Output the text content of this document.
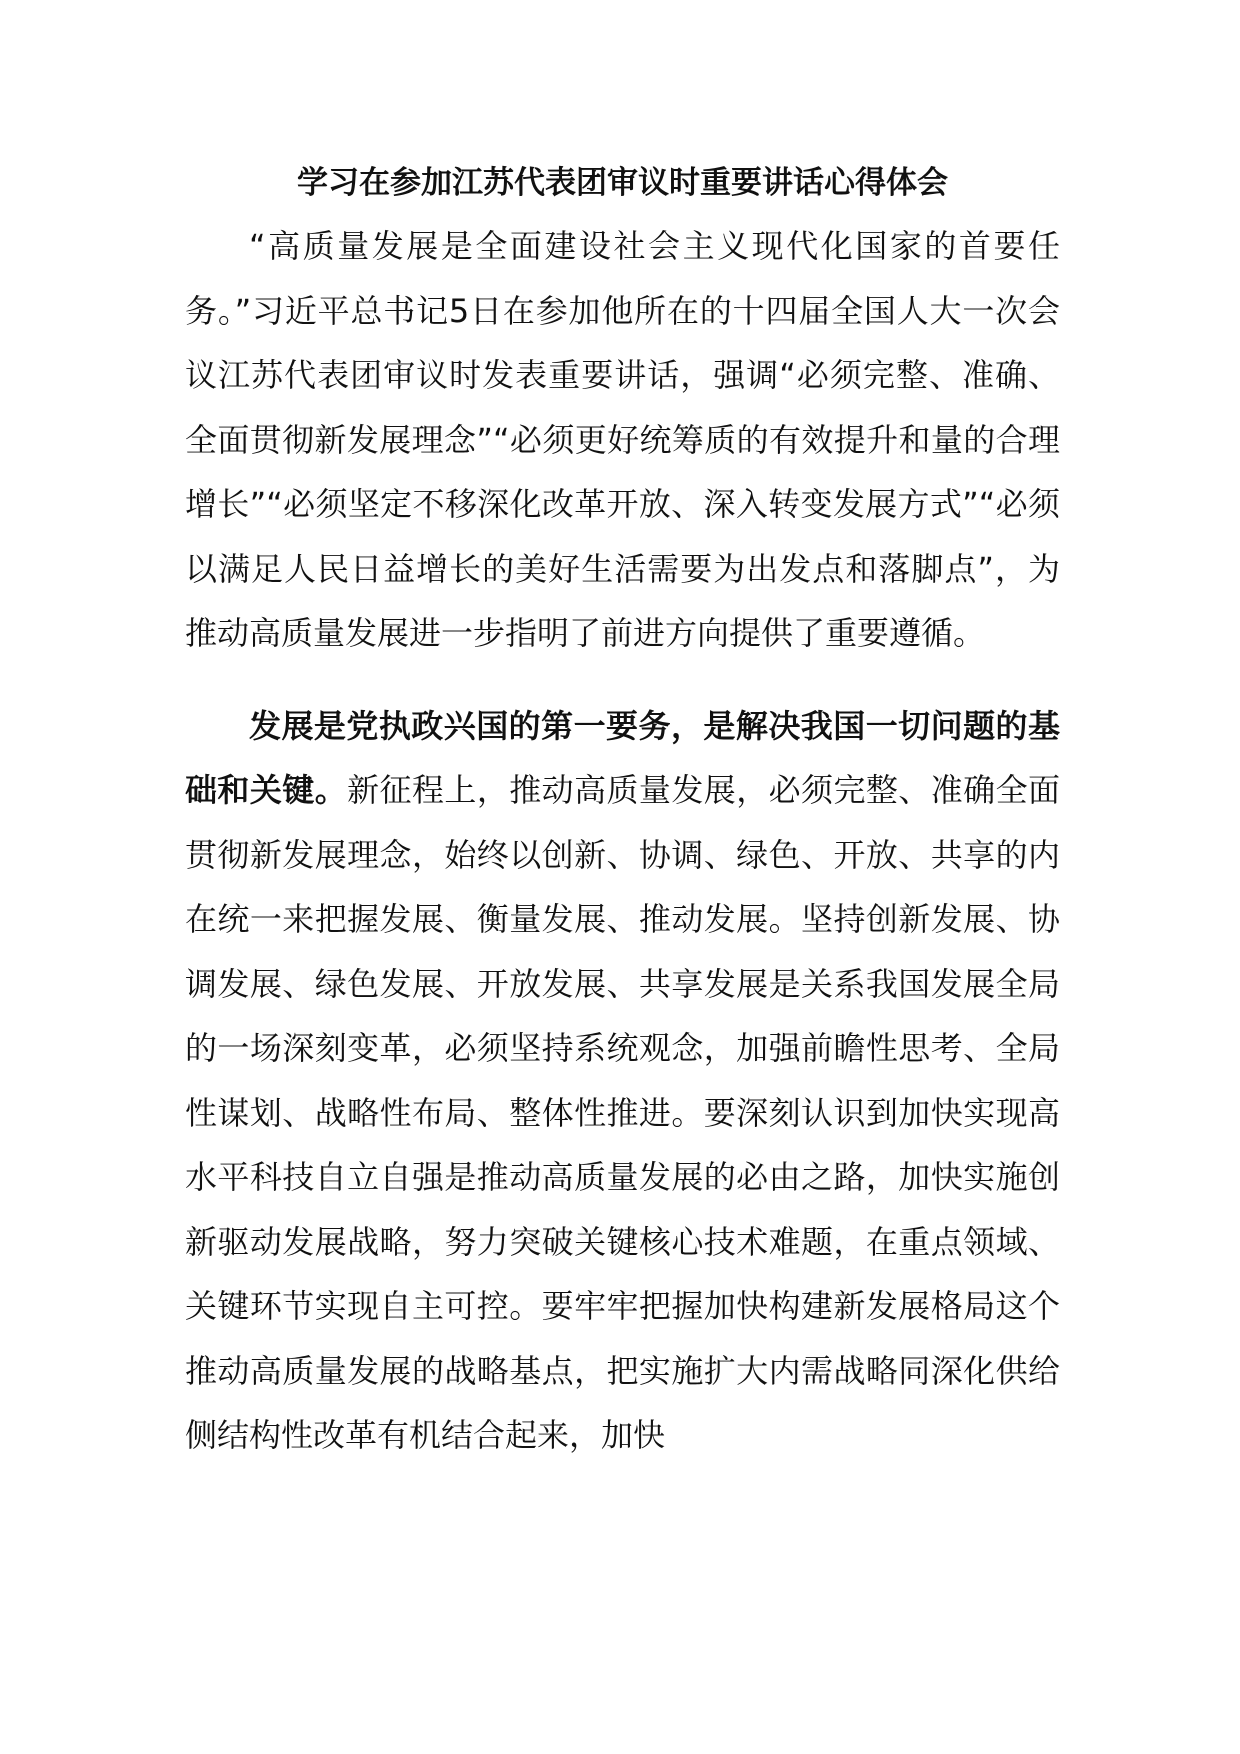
学习在参加江苏代表团审议时重要讲话心得体会

“高质量发展是全面建设社会主义现代化国家的首要任务。”习近平总书记5日在参加他所在的十四届全国人大一次会议江苏代表团审议时发表重要讲话，强调“必须完整、准确、全面贯彻新发展理念”“必须更好统筹质的有效提升和量的合理增长”“必须坚定不移深化改革开放、深入转变发展方式”“必须以满足人民日益增长的美好生活需要为出发点和落脚点”，为推动高质量发展进一步指明了前进方向提供了重要遵循。

发展是党执政兴国的第一要务，是解决我国一切问题的基础和关键。新征程上，推动高质量发展，必须完整、准确全面贯彻新发展理念，始终以创新、协调、绿色、开放、共享的内在统一来把握发展、衡量发展、推动发展。坚持创新发展、协调发展、绿色发展、开放发展、共享发展是关系我国发展全局的一场深刻变革，必须坚持系统观念，加强前瞻性思考、全局性谋划、战略性布局、整体性推进。要深刻认识到加快实现高水平科技自立自强是推动高质量发展的必由之路，加快实施创新驱动发展战略，努力突破关键核心技术难题，在重点领域、关键环节实现自主可控。要牢牢把握加快构建新发展格局这个推动高质量发展的战略基点，把实施扩大内需战略同深化供给侧结构性改革有机结合起来，加快
